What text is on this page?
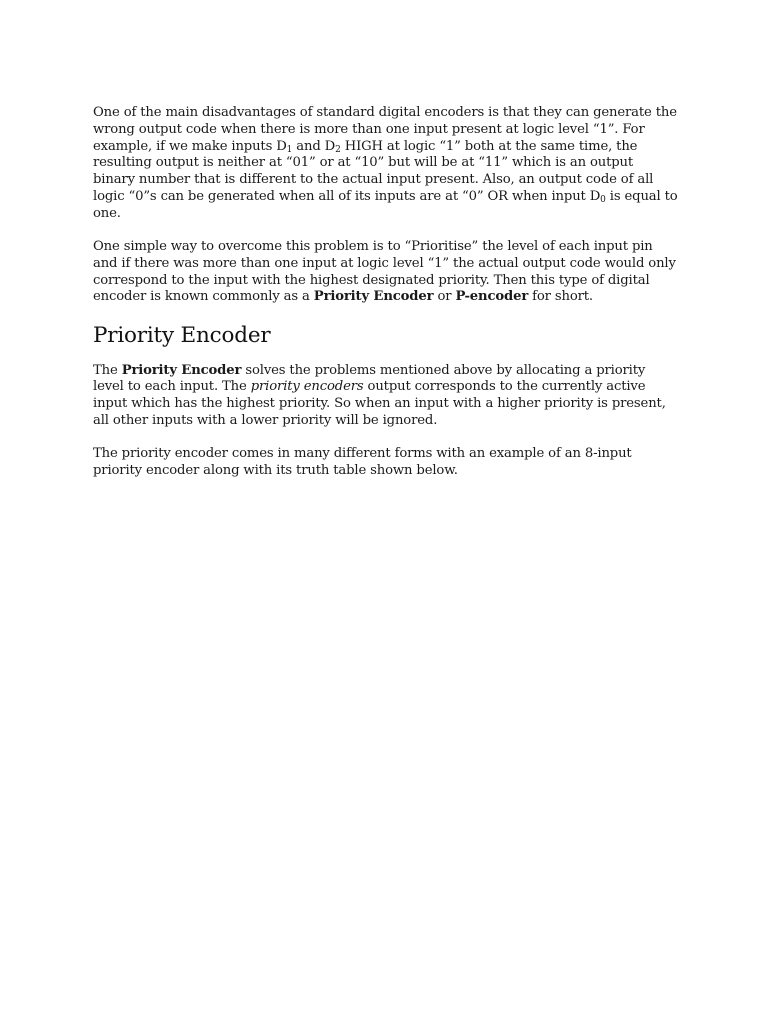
One of the main disadvantages of standard digital encoders is that they can generate the wrong output code when there is more than one input present at logic level “1”. For example, if we make inputs $D_1$ and $D_2$ HIGH at logic “1” both at the same time, the resulting output is neither at “01” or at “10” but will be at “11” which is an output binary number that is different to the actual input present. Also, an output code of all logic “0”s can be generated when all of its inputs are at “0” OR when input $D_0$ is equal to one.

One simple way to overcome this problem is to “Prioritise” the level of each input pin and if there was more than one input at logic level “1” the actual output code would only correspond to the input with the highest designated priority. Then this type of digital encoder is known commonly as a Priority Encoder or P-encoder for short.

Priority Encoder

The Priority Encoder solves the problems mentioned above by allocating a priority level to each input. The priority encoders output corresponds to the currently active input which has the highest priority. So when an input with a higher priority is present, all other inputs with a lower priority will be ignored.

The priority encoder comes in many different forms with an example of an 8-input priority encoder along with its truth table shown below.
